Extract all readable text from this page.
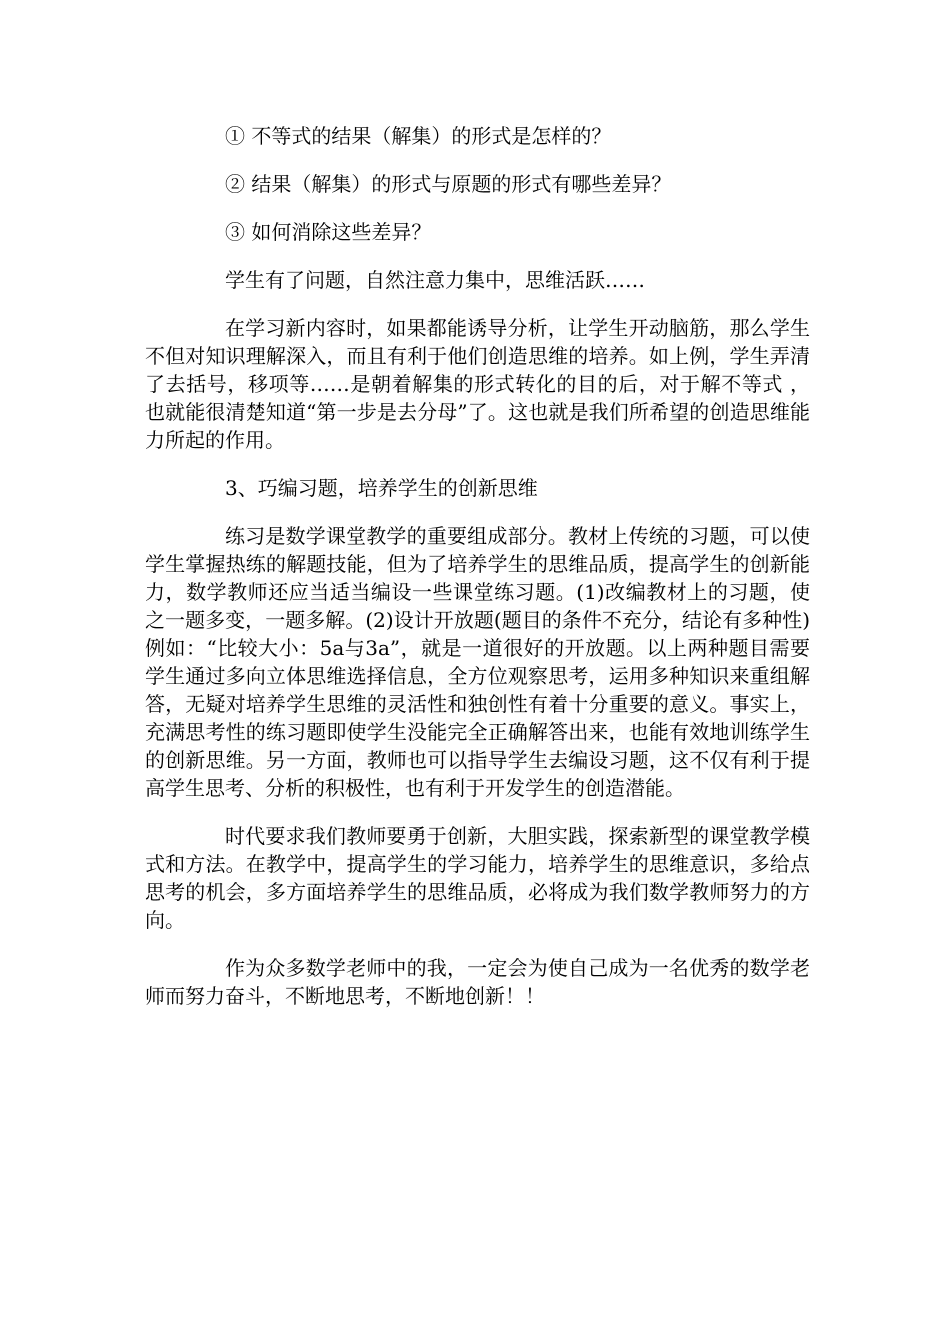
① 不等式的结果（解集）的形式是怎样的？

② 结果（解集）的形式与原题的形式有哪些差异？

③ 如何消除这些差异？

学生有了问题，自然注意力集中，思维活跃……

在学习新内容时，如果都能诱导分析，让学生开动脑筋，那么学生不但对知识理解深入，而且有利于他们创造思维的培养。如上例，学生弄清了去括号，移项等……是朝着解集的形式转化的目的后，对于解不等式 ，也就能很清楚知道“第一步是去分母”了。这也就是我们所希望的创造思维能力所起的作用。

3、巧编习题，培养学生的创新思维

练习是数学课堂教学的重要组成部分。教材上传统的习题，可以使学生掌握热练的解题技能，但为了培养学生的思维品质，提高学生的创新能力，数学教师还应当适当编设一些课堂练习题。(1)改编教材上的习题，使之一题多变，一题多解。(2)设计开放题(题目的条件不充分，结论有多种性)例如：“比较大小：5a与3a”，就是一道很好的开放题。以上两种题目需要学生通过多向立体思维选择信息，全方位观察思考，运用多种知识来重组解答，无疑对培养学生思维的灵活性和独创性有着十分重要的意义。事实上，充满思考性的练习题即使学生没能完全正确解答出来，也能有效地训练学生的创新思维。另一方面，教师也可以指导学生去编设习题，这不仅有利于提高学生思考、分析的积极性，也有利于开发学生的创造潜能。

时代要求我们教师要勇于创新，大胆实践，探索新型的课堂教学模式和方法。在教学中，提高学生的学习能力，培养学生的思维意识，多给点思考的机会，多方面培养学生的思维品质，必将成为我们数学教师努力的方向。

作为众多数学老师中的我，一定会为使自己成为一名优秀的数学老师而努力奋斗，不断地思考，不断地创新！！
